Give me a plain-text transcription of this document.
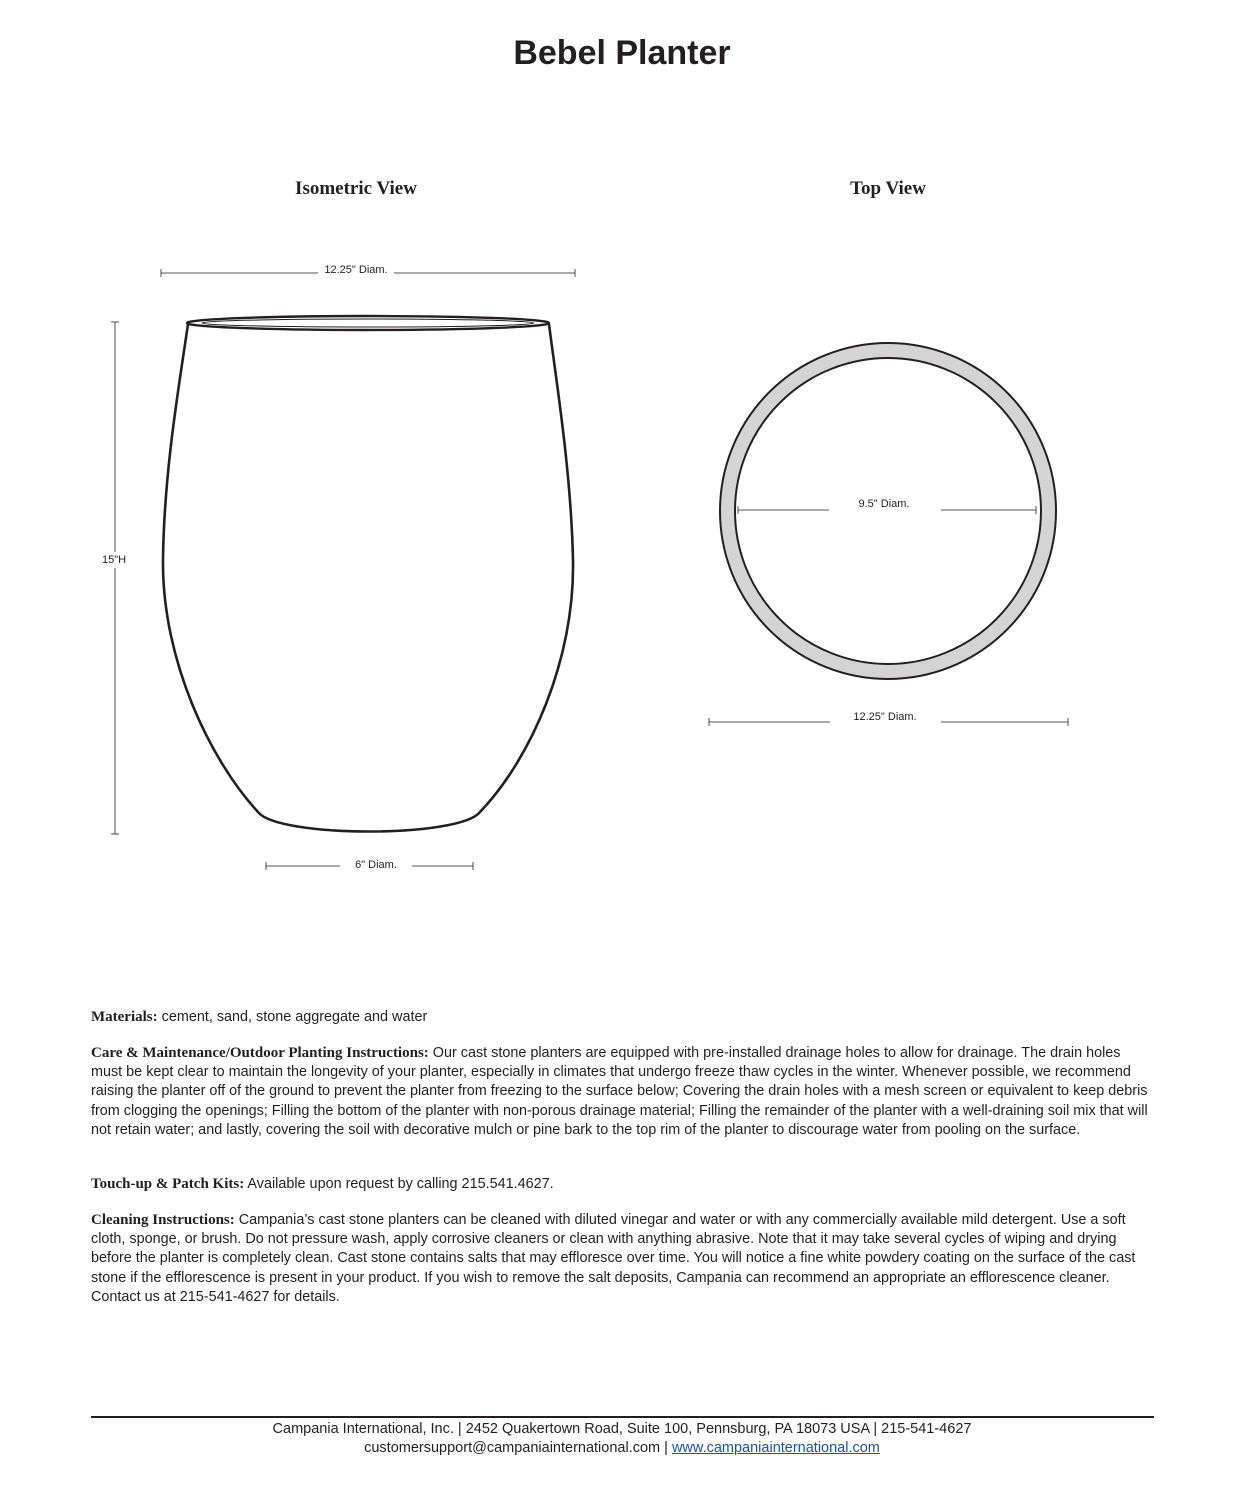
Bebel Planter
Isometric View	Top View
12.25" Diam.
15"H
6" Diam.
9.5" Diam.
12.25" Diam.

Materials: cement, sand, stone aggregate and water

Care & Maintenance/Outdoor Planting Instructions: Our cast stone planters are equipped with pre-installed drainage holes to allow for drainage. The drain holes must be kept clear to maintain the longevity of your planter, especially in climates that undergo freeze thaw cycles in the winter. Whenever possible, we recommend raising the planter off of the ground to prevent the planter from freezing to the surface below; Covering the drain holes with a mesh screen or equivalent to keep debris from clogging the openings; Filling the bottom of the planter with non-porous drainage material; Filling the remainder of the planter with a well-draining soil mix that will not retain water; and lastly, covering the soil with decorative mulch or pine bark to the top rim of the planter to discourage water from pooling on the surface.

Touch-up & Patch Kits: Available upon request by calling 215.541.4627.

Cleaning Instructions: Campania’s cast stone planters can be cleaned with diluted vinegar and water or with any commercially available mild detergent. Use a soft cloth, sponge, or brush. Do not pressure wash, apply corrosive cleaners or clean with anything abrasive. Note that it may take several cycles of wiping and drying before the planter is completely clean. Cast stone contains salts that may effloresce over time. You will notice a fine white powdery coating on the surface of the cast stone if the efflorescence is present in your product. If you wish to remove the salt deposits, Campania can recommend an appropriate an efflorescence cleaner. Contact us at 215-541-4627 for details.

Campania International, Inc. | 2452 Quakertown Road, Suite 100, Pennsburg, PA 18073 USA | 215-541-4627
customersupport@campaniainternational.com | www.campaniainternational.com
